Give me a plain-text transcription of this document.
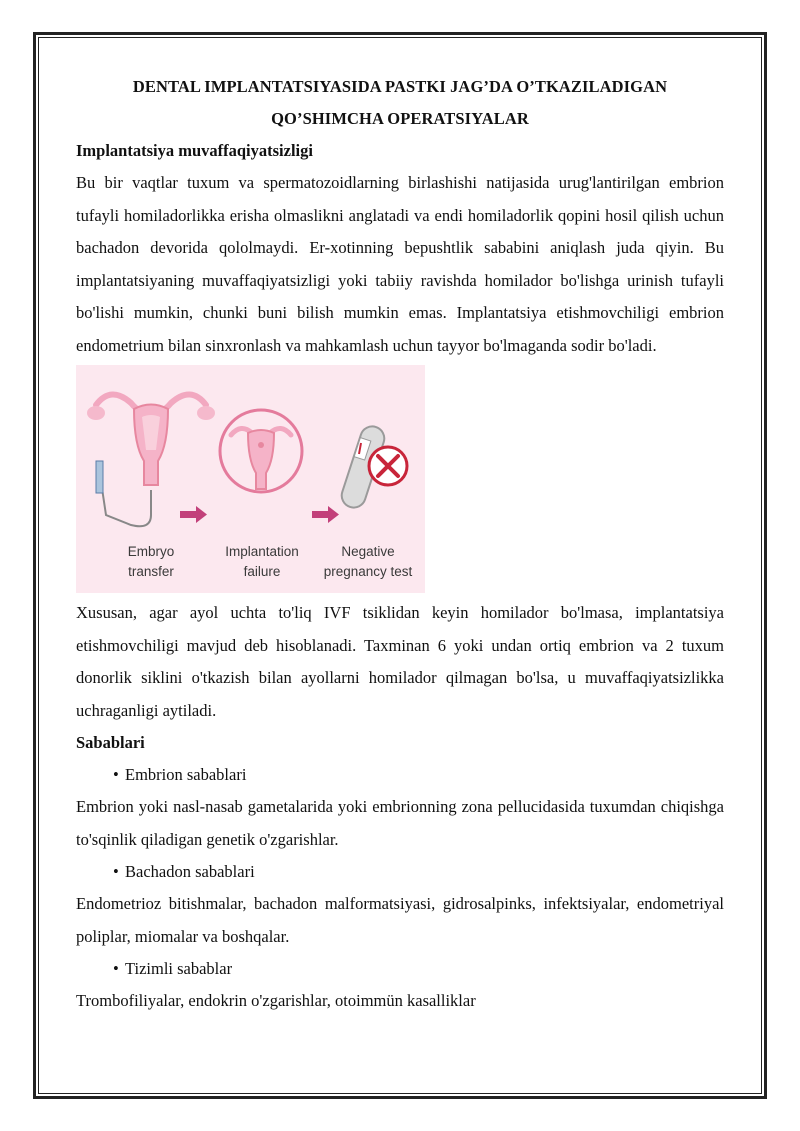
DENTAL IMPLANTATSIYASIDA PASTKI JAG’DA O’TKAZILADIGAN
QO’SHIMCHA OPERATSIYALAR
Implantatsiya muvaffaqiyatsizligi

Bu bir vaqtlar tuxum va spermatozoidlarning birlashishi natijasida urug'lantirilgan embrion tufayli homiladorlikka erisha olmaslikni anglatadi va endi homiladorlik qopini hosil qilish uchun bachadon devorida qololmaydi. Er-xotinning bepushtlik sababini aniqlash juda qiyin. Bu implantatsiyaning muvaffaqiyatsizligi yoki tabiiy ravishda homilador bo'lishga urinish tufayli bo'lishi mumkin, chunki buni bilish mumkin emas. Implantatsiya etishmovchiligi embrion endometrium bilan sinxronlash va mahkamlash uchun tayyor bo'lmaganda sodir bo'ladi.

Embryo
transfer
Implantation
failure
Negative
pregnancy test

Xususan, agar ayol uchta to'liq IVF tsiklidan keyin homilador bo'lmasa, implantatsiya etishmovchiligi mavjud deb hisoblanadi. Taxminan 6 yoki undan ortiq embrion va 2 tuxum donorlik siklini o'tkazish bilan ayollarni homilador qilmagan bo'lsa, u muvaffaqiyatsizlikka uchraganligi aytiladi.

Sabablari
• Embrion sabablari

Embrion yoki nasl-nasab gametalarida yoki embrionning zona pellucidasida tuxumdan chiqishga to'sqinlik qiladigan genetik o'zgarishlar.

• Bachadon sabablari

Endometrioz bitishmalar, bachadon malformatsiyasi, gidrosalpinks, infektsiyalar, endometriyal poliplar, miomalar va boshqalar.

• Tizimli sabablar

Trombofiliyalar, endokrin o'zgarishlar, otoimmün kasalliklar
